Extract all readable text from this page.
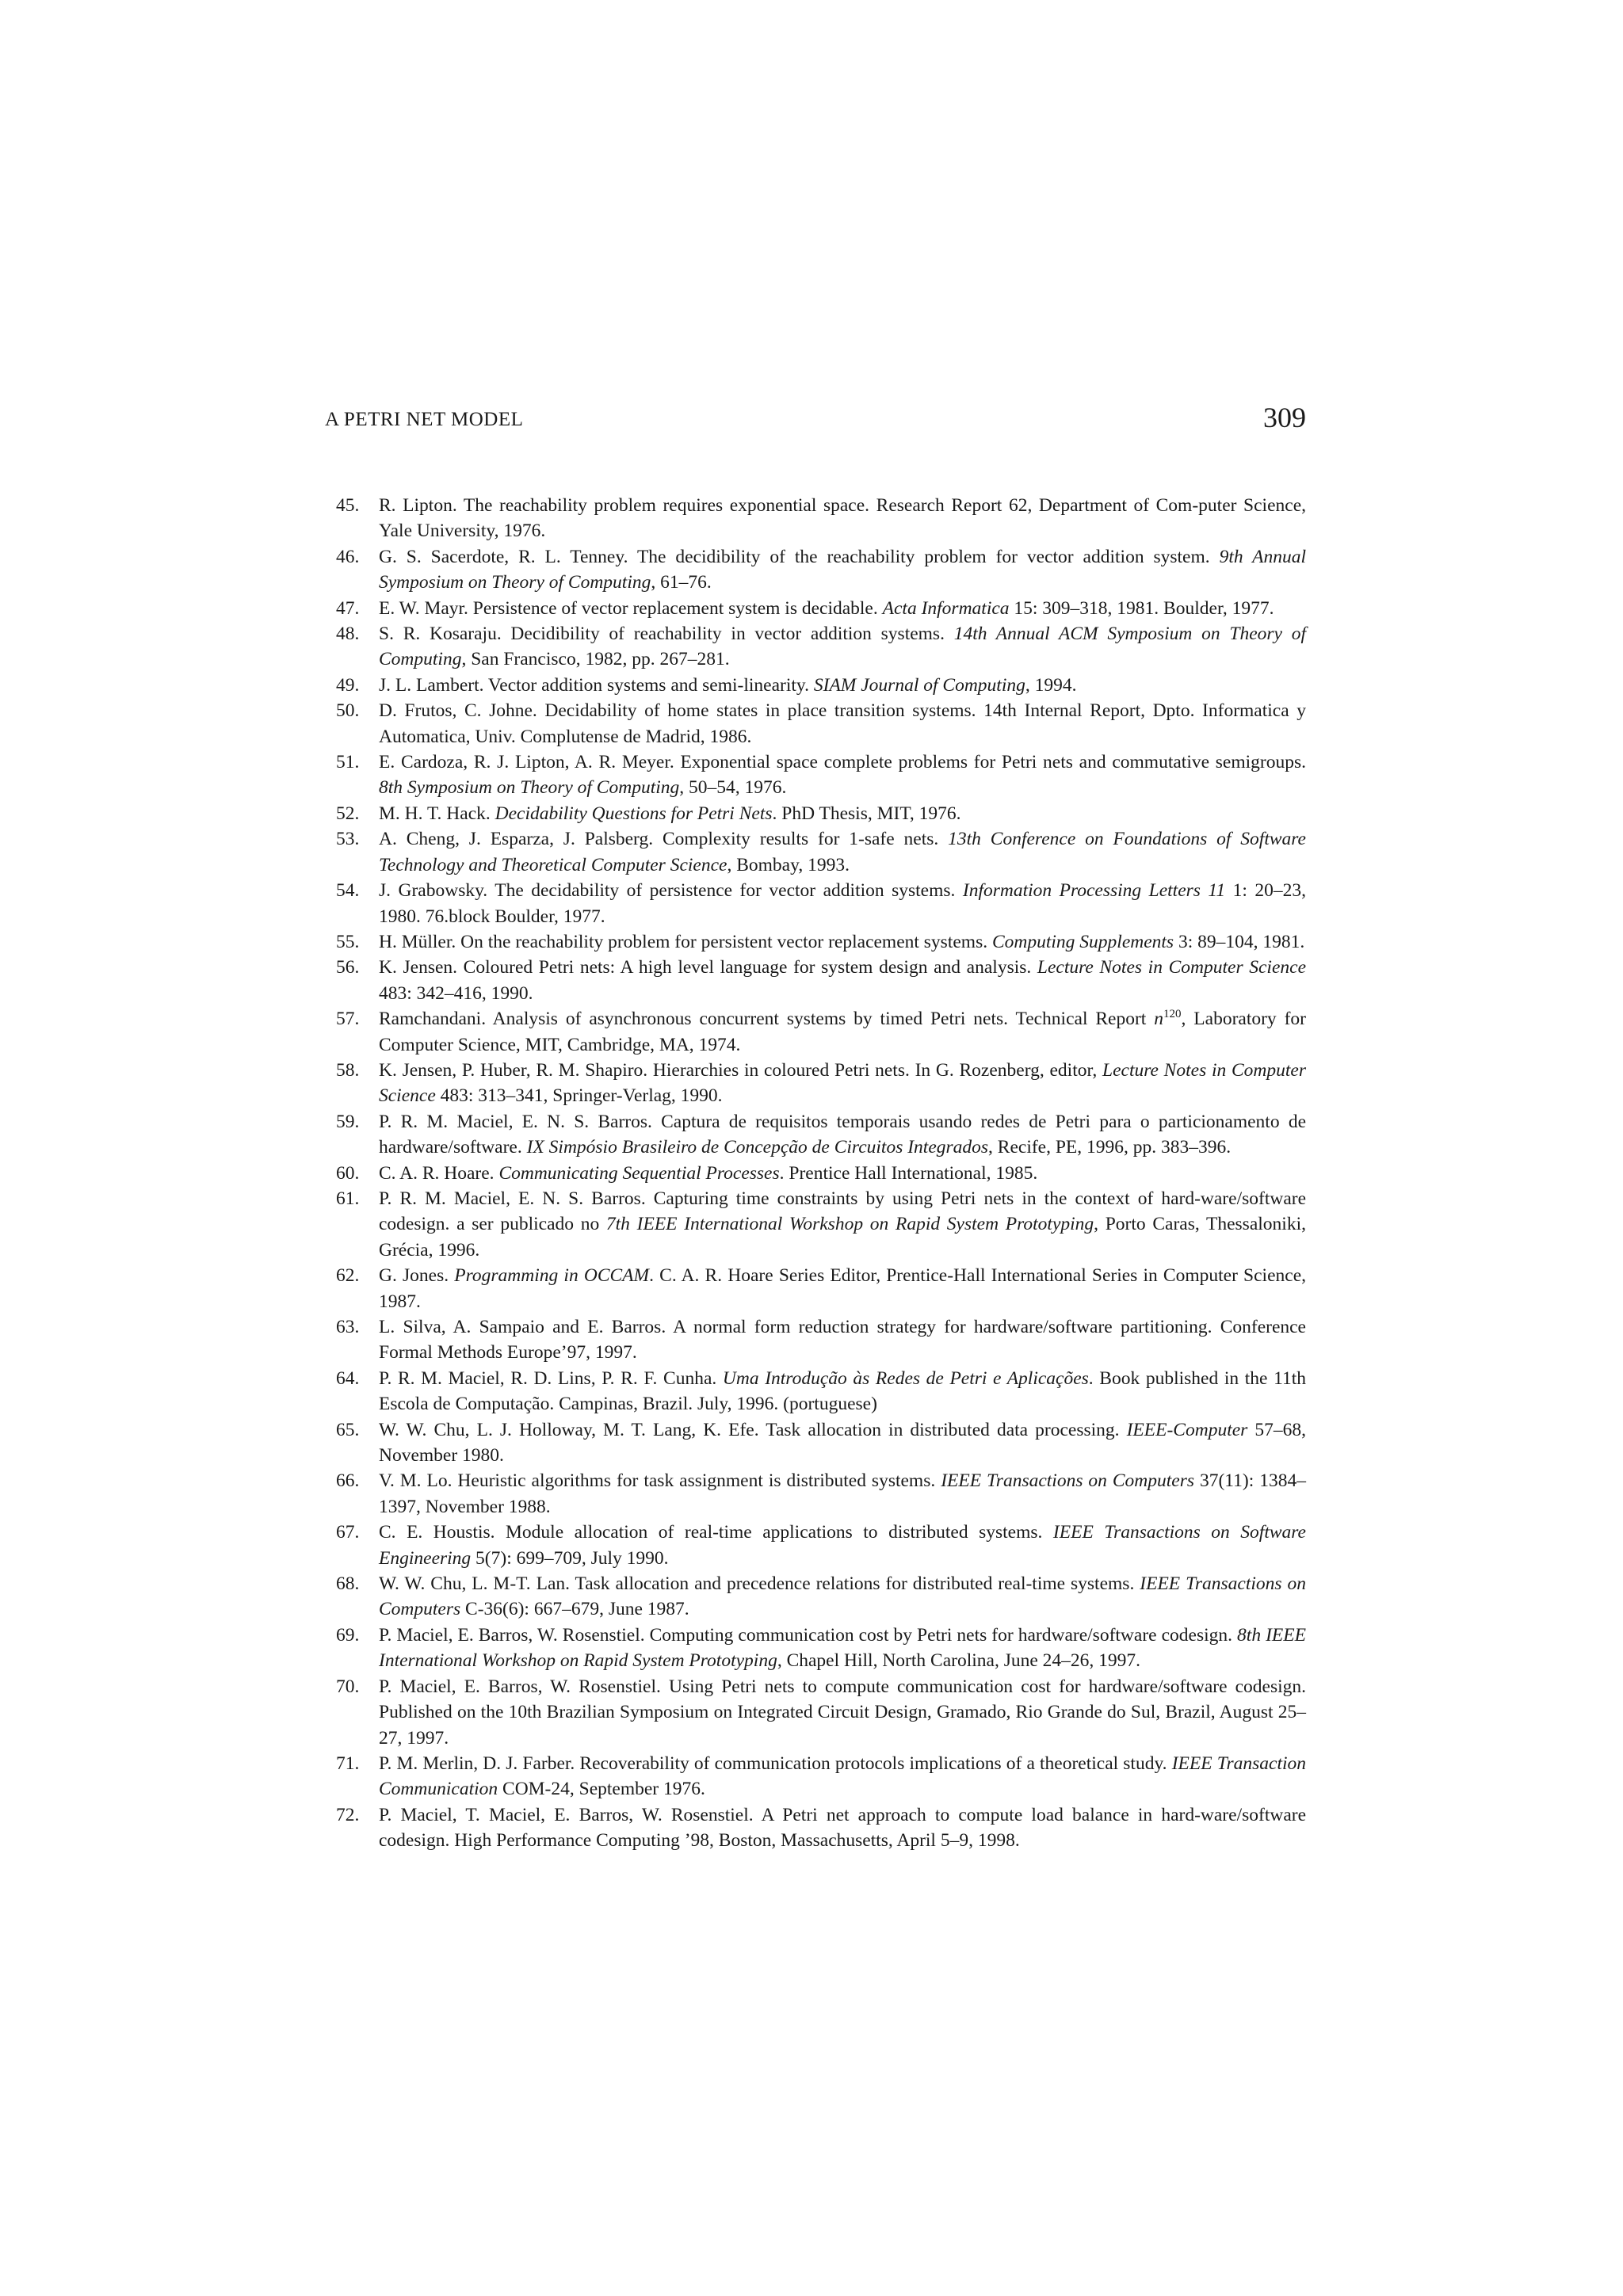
A PETRI NET MODEL	309
45. R. Lipton. The reachability problem requires exponential space. Research Report 62, Department of Com-puter Science, Yale University, 1976.
46. G. S. Sacerdote, R. L. Tenney. The decidibility of the reachability problem for vector addition system. 9th Annual Symposium on Theory of Computing, 61–76.
47. E. W. Mayr. Persistence of vector replacement system is decidable. Acta Informatica 15: 309–318, 1981. Boulder, 1977.
48. S. R. Kosaraju. Decidibility of reachability in vector addition systems. 14th Annual ACM Symposium on Theory of Computing, San Francisco, 1982, pp. 267–281.
49. J. L. Lambert. Vector addition systems and semi-linearity. SIAM Journal of Computing, 1994.
50. D. Frutos, C. Johne. Decidability of home states in place transition systems. 14th Internal Report, Dpto. Informatica y Automatica, Univ. Complutense de Madrid, 1986.
51. E. Cardoza, R. J. Lipton, A. R. Meyer. Exponential space complete problems for Petri nets and commutative semigroups. 8th Symposium on Theory of Computing, 50–54, 1976.
52. M. H. T. Hack. Decidability Questions for Petri Nets. PhD Thesis, MIT, 1976.
53. A. Cheng, J. Esparza, J. Palsberg. Complexity results for 1-safe nets. 13th Conference on Foundations of Software Technology and Theoretical Computer Science, Bombay, 1993.
54. J. Grabowsky. The decidability of persistence for vector addition systems. Information Processing Letters 11 1: 20–23, 1980. 76.block Boulder, 1977.
55. H. Müller. On the reachability problem for persistent vector replacement systems. Computing Supplements 3: 89–104, 1981.
56. K. Jensen. Coloured Petri nets: A high level language for system design and analysis. Lecture Notes in Computer Science 483: 342–416, 1990.
57. Ramchandani. Analysis of asynchronous concurrent systems by timed Petri nets. Technical Report $n^{120}$, Laboratory for Computer Science, MIT, Cambridge, MA, 1974.
58. K. Jensen, P. Huber, R. M. Shapiro. Hierarchies in coloured Petri nets. In G. Rozenberg, editor, Lecture Notes in Computer Science 483: 313–341, Springer-Verlag, 1990.
59. P. R. M. Maciel, E. N. S. Barros. Captura de requisitos temporais usando redes de Petri para o particionamento de hardware/software. IX Simpósio Brasileiro de Concepção de Circuitos Integrados, Recife, PE, 1996, pp. 383–396.
60. C. A. R. Hoare. Communicating Sequential Processes. Prentice Hall International, 1985.
61. P. R. M. Maciel, E. N. S. Barros. Capturing time constraints by using Petri nets in the context of hard-ware/software codesign. a ser publicado no 7th IEEE International Workshop on Rapid System Prototyping, Porto Caras, Thessaloniki, Grécia, 1996.
62. G. Jones. Programming in OCCAM. C. A. R. Hoare Series Editor, Prentice-Hall International Series in Computer Science, 1987.
63. L. Silva, A. Sampaio and E. Barros. A normal form reduction strategy for hardware/software partitioning. Conference Formal Methods Europe’97, 1997.
64. P. R. M. Maciel, R. D. Lins, P. R. F. Cunha. Uma Introdução às Redes de Petri e Aplicações. Book published in the 11th Escola de Computação. Campinas, Brazil. July, 1996. (portuguese)
65. W. W. Chu, L. J. Holloway, M. T. Lang, K. Efe. Task allocation in distributed data processing. IEEE-Computer 57–68, November 1980.
66. V. M. Lo. Heuristic algorithms for task assignment is distributed systems. IEEE Transactions on Computers 37(11): 1384–1397, November 1988.
67. C. E. Houstis. Module allocation of real-time applications to distributed systems. IEEE Transactions on Software Engineering 5(7): 699–709, July 1990.
68. W. W. Chu, L. M-T. Lan. Task allocation and precedence relations for distributed real-time systems. IEEE Transactions on Computers C-36(6): 667–679, June 1987.
69. P. Maciel, E. Barros, W. Rosenstiel. Computing communication cost by Petri nets for hardware/software codesign. 8th IEEE International Workshop on Rapid System Prototyping, Chapel Hill, North Carolina, June 24–26, 1997.
70. P. Maciel, E. Barros, W. Rosenstiel. Using Petri nets to compute communication cost for hardware/software codesign. Published on the 10th Brazilian Symposium on Integrated Circuit Design, Gramado, Rio Grande do Sul, Brazil, August 25–27, 1997.
71. P. M. Merlin, D. J. Farber. Recoverability of communication protocols implications of a theoretical study. IEEE Transaction Communication COM-24, September 1976.
72. P. Maciel, T. Maciel, E. Barros, W. Rosenstiel. A Petri net approach to compute load balance in hard-ware/software codesign. High Performance Computing ’98, Boston, Massachusetts, April 5–9, 1998.
